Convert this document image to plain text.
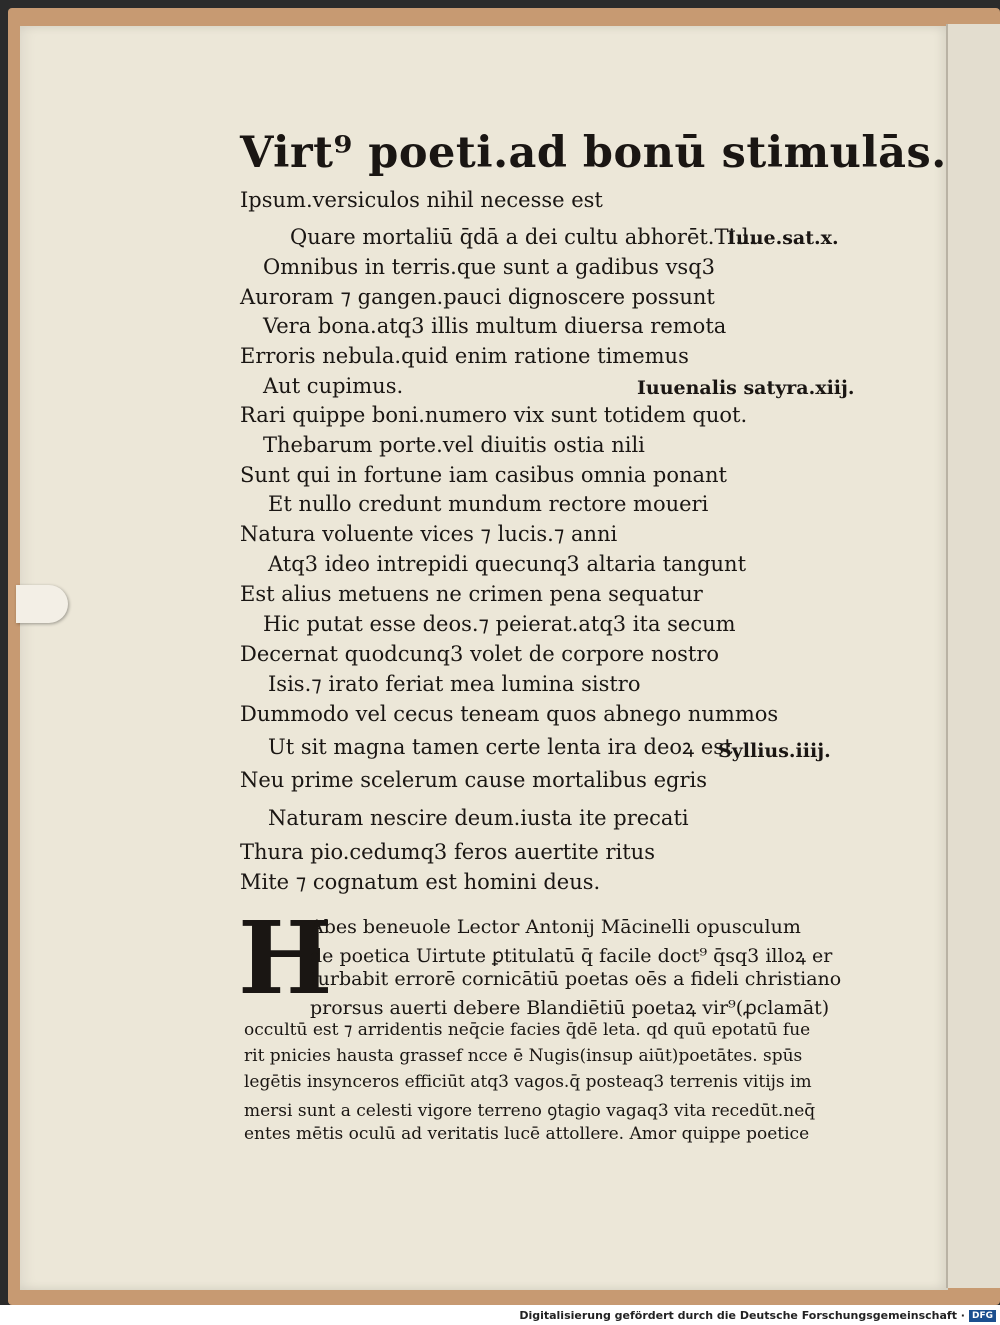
Virt⁹ poeti.ad bonū stimulās.
Ipsum.versiculos nihil necesse est
Quare mortaliū q̄dā a dei cultu abhorēt.Ti.l.
Iuue.sat.x.
Omnibus in terris.que sunt a gadibus vsq3
Auroram ⁊ gangen.pauci dignoscere possunt
Vera bona.atq3 illis multum diuersa remota
Erroris nebula.quid enim ratione timemus
Aut cupimus.	Iuuenalis satyra.xiij.
Rari quippe boni.numero vix sunt totidem quot.
Thebarum porte.vel diuitis ostia nili
Sunt qui in fortune iam casibus omnia ponant
Et nullo credunt mundum rectore moueri
Natura voluente vices ⁊ lucis.⁊ anni
Atq3 ideo intrepidi quecunq3 altaria tangunt
Est alius metuens ne crimen pena sequatur
Hic putat esse deos.⁊ peierat.atq3 ita secum
Decernat quodcunq3 volet de corpore nostro
Isis.⁊ irato feriat mea lumina sistro
Dummodo vel cecus teneam quos abnego nummos
Ut sit magna tamen certe lenta ira deoꝝ est
Syllius.iiij.
Neu prime scelerum cause mortalibus egris
Naturam nescire deum.iusta ite precati
Thura pio.cedumq3 feros auertite ritus
Mite ⁊ cognatum est homini deus.
H
Abes beneuole Lector Antonij Mācinelli opusculum
de poetica Uirtute ꝑtitulatū q̄ facile doct⁹ q̄sq3 illoꝝ er
turbabit errorē cornicātiū poetas oēs a fideli christiano
prorsus auerti debere Blandiētiū poetaꝝ vir⁹(ꝓclamāt)
occultū est ⁊ arridentis neq̄cie facies q̄dē leta. qd quū epotatū fue
rit pnicies hausta grassef ncce ē Nugis(insup aiūt)poetātes. spūs
legētis insynceros efficiūt atq3 vagos.q̄ posteaq3 terrenis vitijs im
mersi sunt a celesti vigore terreno ꝯtagio vagaq3 vita recedūt.neq̄
entes mētis oculū ad veritatis lucē attollere. Amor quippe poetice
Digitalisierung gefördert durch die Deutsche Forschungsgemeinschaft · DFG
